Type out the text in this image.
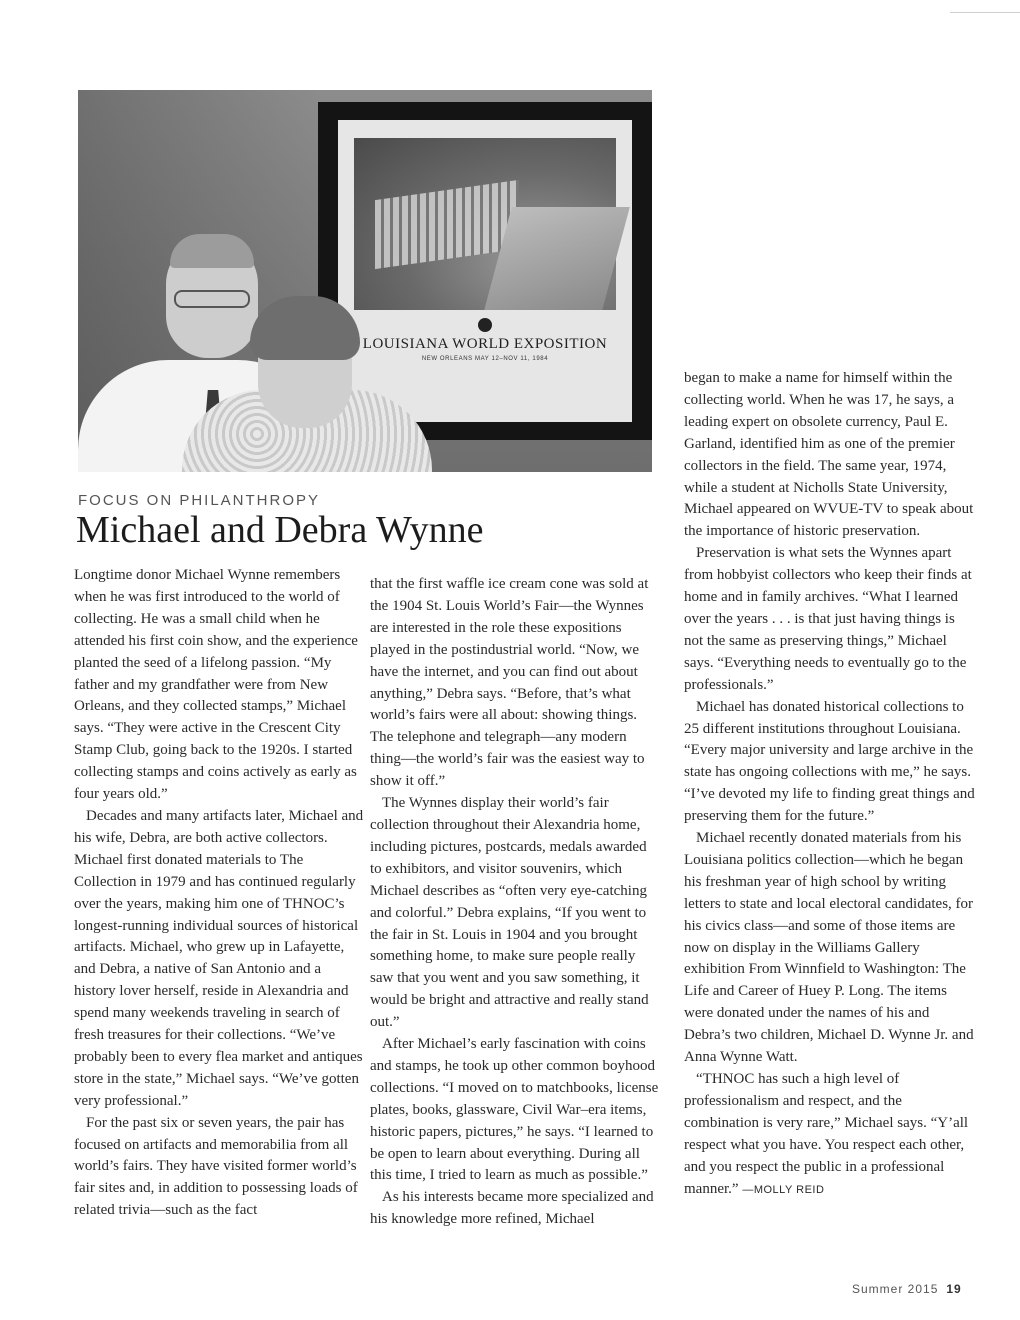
LOUISIANA WORLD EXPOSITION
NEW ORLEANS MAY 12–NOV 11, 1984
FOCUS ON PHILANTHROPY
Michael and Debra Wynne

Longtime donor Michael Wynne remembers when he was first introduced to the world of collecting. He was a small child when he attended his first coin show, and the experience planted the seed of a lifelong passion. “My father and my grandfather were from New Orleans, and they collected stamps,” Michael says. “They were active in the Crescent City Stamp Club, going back to the 1920s. I started collecting stamps and coins actively as early as four years old.”

Decades and many artifacts later, Michael and his wife, Debra, are both active collectors. Michael first donated materials to The Collection in 1979 and has continued regularly over the years, making him one of THNOC’s longest-running individual sources of historical artifacts. Michael, who grew up in Lafayette, and Debra, a native of San Antonio and a history lover herself, reside in Alexandria and spend many weekends traveling in search of fresh treasures for their collections. “We’ve probably been to every flea market and antiques store in the state,” Michael says. “We’ve gotten very professional.”

For the past six or seven years, the pair has focused on artifacts and memorabilia from all world’s fairs. They have visited former world’s fair sites and, in addition to possessing loads of related trivia—such as the fact

that the first waffle ice cream cone was sold at the 1904 St. Louis World’s Fair—the Wynnes are interested in the role these expositions played in the postindustrial world. “Now, we have the internet, and you can find out about anything,” Debra says. “Before, that’s what world’s fairs were all about: showing things. The telephone and telegraph—any modern thing—the world’s fair was the easiest way to show it off.”

The Wynnes display their world’s fair collection throughout their Alexandria home, including pictures, postcards, medals awarded to exhibitors, and visitor souvenirs, which Michael describes as “often very eye-catching and colorful.” Debra explains, “If you went to the fair in St. Louis in 1904 and you brought something home, to make sure people really saw that you went and you saw something, it would be bright and attractive and really stand out.”

After Michael’s early fascination with coins and stamps, he took up other common boyhood collections. “I moved on to matchbooks, license plates, books, glassware, Civil War–era items, historic papers, pictures,” he says. “I learned to be open to learn about everything. During all this time, I tried to learn as much as possible.”

As his interests became more specialized and his knowledge more refined, Michael

began to make a name for himself within the collecting world. When he was 17, he says, a leading expert on obsolete currency, Paul E. Garland, identified him as one of the premier collectors in the field. The same year, 1974, while a student at Nicholls State University, Michael appeared on WVUE-TV to speak about the importance of historic preservation.

Preservation is what sets the Wynnes apart from hobbyist collectors who keep their finds at home and in family archives. “What I learned over the years . . . is that just having things is not the same as preserving things,” Michael says. “Everything needs to eventually go to the professionals.”

Michael has donated historical collections to 25 different institutions throughout Louisiana. “Every major university and large archive in the state has ongoing collections with me,” he says. “I’ve devoted my life to finding great things and preserving them for the future.”

Michael recently donated materials from his Louisiana politics collection—which he began his freshman year of high school by writing letters to state and local electoral candidates, for his civics class—and some of those items are now on display in the Williams Gallery exhibition From Winnfield to Washington: The Life and Career of Huey P. Long. The items were donated under the names of his and Debra’s two children, Michael D. Wynne Jr. and Anna Wynne Watt.

“THNOC has such a high level of professionalism and respect, and the combination is very rare,” Michael says. “Y’all respect what you have. You respect each other, and you respect the public in a professional manner.” —MOLLY REID

Summer 2015 19
